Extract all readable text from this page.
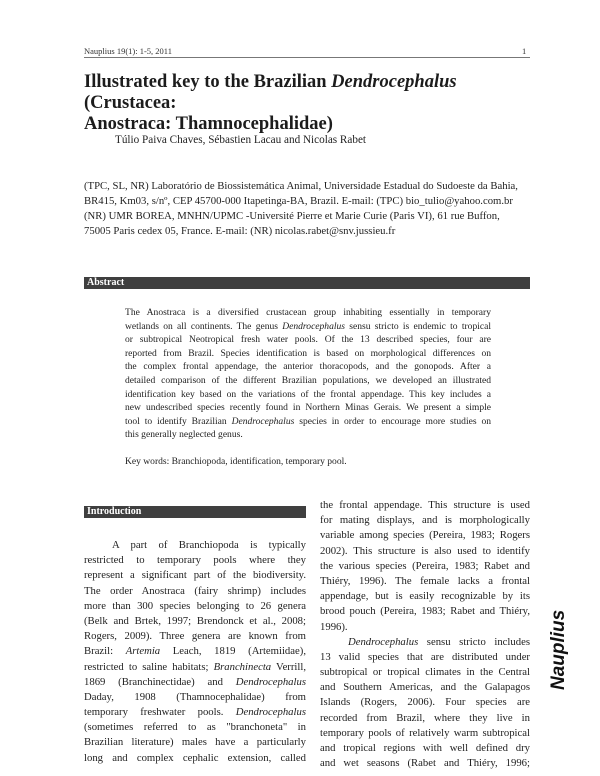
Nauplius 19(1): 1-5, 2011	1
Illustrated key to the Brazilian Dendrocephalus (Crustacea:
Anostraca: Thamnocephalidae)
Túlio Paiva Chaves, Sébastien Lacau and Nicolas Rabet
(TPC, SL, NR) Laboratório de Biossistemática Animal, Universidade Estadual do Sudoeste da Bahia,
BR415, Km03, s/nº, CEP 45700-000 Itapetinga-BA, Brazil. E-mail: (TPC) bio_tulio@yahoo.com.br
(NR) UMR BOREA, MNHN/UPMC -Université Pierre et Marie Curie (Paris VI), 61 rue Buffon,
75005 Paris cedex 05, France. E-mail: (NR) nicolas.rabet@snv.jussieu.fr
Abstract
The Anostraca is a diversified crustacean group inhabiting essentially in temporary
wetlands on all continents. The genus Dendrocephalus sensu stricto is endemic to tropical
or subtropical Neotropical fresh water pools. Of the 13 described species, four are
reported from Brazil. Species identification is based on morphological differences on
the complex frontal appendage, the anterior thoracopods, and the gonopods. After a
detailed comparison of the different Brazilian populations, we developed an illustrated
identification key based on the variations of the frontal appendage. This key includes a
new undescribed species recently found in Northern Minas Gerais. We present a simple
tool to identify Brazilian Dendrocephalus species in order to encourage more studies on
this generally neglected genus.
Key words: Branchiopoda, identification, temporary pool.
Introduction
A part of Branchiopoda is typically
restricted to temporary pools where they
represent a significant part of the biodiversity.
The order Anostraca (fairy shrimp) includes
more than 300 species belonging to 26 genera
(Belk and Brtek, 1997; Brendonck et al., 2008;
Rogers, 2009). Three genera are known from
Brazil: Artemia Leach, 1819 (Artemiidae),
restricted to saline habitats; Branchinecta Verrill,
1869 (Branchinectidae) and Dendrocephalus
Daday, 1908 (Thamnocephalidae) from
temporary freshwater pools. Dendrocephalus
(sometimes referred to as "branchoneta" in
Brazilian literature) males have a particularly
long and complex cephalic extension, called
the frontal appendage. This structure is used
for mating displays, and is morphologically
variable among species (Pereira, 1983; Rogers
2002). This structure is also used to identify
the various species (Pereira, 1983; Rabet and
Thiéry, 1996). The female lacks a frontal
appendage, but is easily recognizable by its
brood pouch (Pereira, 1983; Rabet and Thiéry,
1996).
Dendrocephalus sensu stricto includes
13 valid species that are distributed under
subtropical or tropical climates in the Central
and Southern Americas, and the Galapagos
Islands (Rogers, 2006). Four species are
recorded from Brazil, where they live in
temporary pools of relatively warm subtropical
and tropical regions with well defined dry
and wet seasons (Rabet and Thiéry, 1996;
Nauplius
